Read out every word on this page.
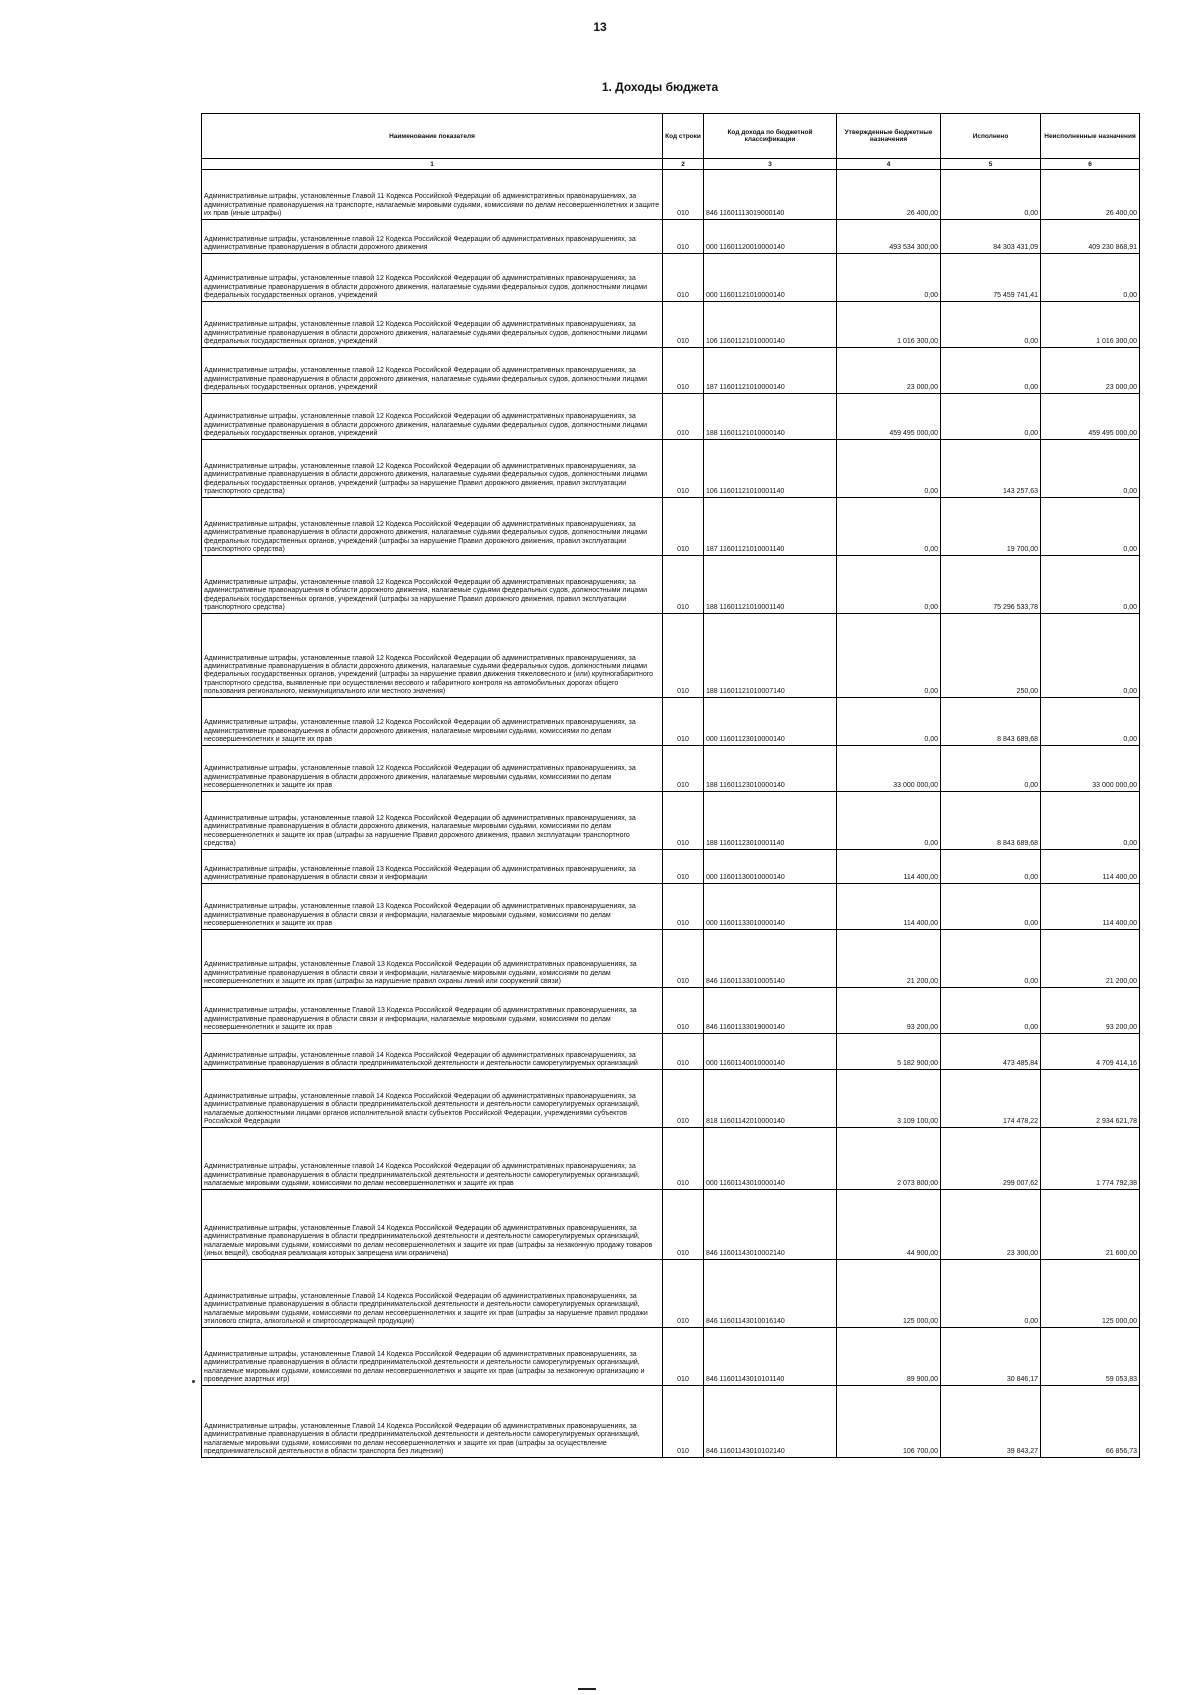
13
1. Доходы бюджета
Наименование показателя	Код строки	Код дохода по бюджетной классификации	Утвержденные бюджетные назначения	Исполнено	Неисполненные назначения
1	2	3	4	5	6
Административные штрафы, установленные Главой 11 Кодекса Российской Федерации об административных правонарушениях, за административные правонарушения на транспорте, налагаемые мировыми судьями, комиссиями по делам несовершеннолетних и защите их прав (иные штрафы)	010	846 11601113019000140	26 400,00	0,00	26 400,00
Административные штрафы, установленные главой 12 Кодекса Российской Федерации об административных правонарушениях, за административные правонарушения в области дорожного движения	010	000 11601120010000140	493 534 300,00	84 303 431,09	409 230 868,91
Административные штрафы, установленные главой 12 Кодекса Российской Федерации об административных правонарушениях, за административные правонарушения в области дорожного движения, налагаемые судьями федеральных судов, должностными лицами федеральных государственных органов, учреждений	010	000 11601121010000140	0,00	75 459 741,41	0,00
Административные штрафы, установленные главой 12 Кодекса Российской Федерации об административных правонарушениях, за административные правонарушения в области дорожного движения, налагаемые судьями федеральных судов, должностными лицами федеральных государственных органов, учреждений	010	106 11601121010000140	1 016 300,00	0,00	1 016 300,00
Административные штрафы, установленные главой 12 Кодекса Российской Федерации об административных правонарушениях, за административные правонарушения в области дорожного движения, налагаемые судьями федеральных судов, должностными лицами федеральных государственных органов, учреждений	010	187 11601121010000140	23 000,00	0,00	23 000,00
Административные штрафы, установленные главой 12 Кодекса Российской Федерации об административных правонарушениях, за административные правонарушения в области дорожного движения, налагаемые судьями федеральных судов, должностными лицами федеральных государственных органов, учреждений	010	188 11601121010000140	459 495 000,00	0,00	459 495 000,00
Административные штрафы, установленные главой 12 Кодекса Российской Федерации об административных правонарушениях, за административные правонарушения в области дорожного движения, налагаемые судьями федеральных судов, должностными лицами федеральных государственных органов, учреждений (штрафы за нарушение Правил дорожного движения, правил эксплуатации транспортного средства)	010	106 11601121010001140	0,00	143 257,63	0,00
Административные штрафы, установленные главой 12 Кодекса Российской Федерации об административных правонарушениях, за административные правонарушения в области дорожного движения, налагаемые судьями федеральных судов, должностными лицами федеральных государственных органов, учреждений (штрафы за нарушение Правил дорожного движения, правил эксплуатации транспортного средства)	010	187 11601121010001140	0,00	19 700,00	0,00
Административные штрафы, установленные главой 12 Кодекса Российской Федерации об административных правонарушениях, за административные правонарушения в области дорожного движения, налагаемые судьями федеральных судов, должностными лицами федеральных государственных органов, учреждений (штрафы за нарушение Правил дорожного движения, правил эксплуатации транспортного средства)	010	188 11601121010001140	0,00	75 296 533,78	0,00
Административные штрафы, установленные главой 12 Кодекса Российской Федерации об административных правонарушениях, за административные правонарушения в области дорожного движения, налагаемые судьями федеральных судов, должностными лицами федеральных государственных органов, учреждений (штрафы за нарушение правил движения тяжеловесного и (или) крупногабаритного транспортного средства, выявленные при осуществлении весового и габаритного контроля на автомобильных дорогах общего пользования регионального, межмуниципального или местного значения)	010	188 11601121010007140	0,00	250,00	0,00
Административные штрафы, установленные главой 12 Кодекса Российской Федерации об административных правонарушениях, за административные правонарушения в области дорожного движения, налагаемые мировыми судьями, комиссиями по делам несовершеннолетних и защите их прав	010	000 11601123010000140	0,00	8 843 689,68	0,00
Административные штрафы, установленные главой 12 Кодекса Российской Федерации об административных правонарушениях, за административные правонарушения в области дорожного движения, налагаемые мировыми судьями, комиссиями по делам несовершеннолетних и защите их прав	010	188 11601123010000140	33 000 000,00	0,00	33 000 000,00
Административные штрафы, установленные главой 12 Кодекса Российской Федерации об административных правонарушениях, за административные правонарушения в области дорожного движения, налагаемые мировыми судьями, комиссиями по делам несовершеннолетних и защите их прав (штрафы за нарушение Правил дорожного движения, правил эксплуатации транспортного средства)	010	188 11601123010001140	0,00	8 843 689,68	0,00
Административные штрафы, установленные главой 13 Кодекса Российской Федерации об административных правонарушениях, за административные правонарушения в области связи и информации	010	000 11601130010000140	114 400,00	0,00	114 400,00
Административные штрафы, установленные главой 13 Кодекса Российской Федерации об административных правонарушениях, за административные правонарушения в области связи и информации, налагаемые мировыми судьями, комиссиями по делам несовершеннолетних и защите их прав	010	000 11601133010000140	114 400,00	0,00	114 400,00
Административные штрафы, установленные Главой 13 Кодекса Российской Федерации об административных правонарушениях, за административные правонарушения в области связи и информации, налагаемые мировыми судьями, комиссиями по делам несовершеннолетних и защите их прав (штрафы за нарушение правил охраны линий или сооружений связи)	010	846 11601133010005140	21 200,00	0,00	21 200,00
Административные штрафы, установленные Главой 13 Кодекса Российской Федерации об административных правонарушениях, за административные правонарушения в области связи и информации, налагаемые мировыми судьями, комиссиями по делам несовершеннолетних и защите их прав	010	846 11601133019000140	93 200,00	0,00	93 200,00
Административные штрафы, установленные главой 14 Кодекса Российской Федерации об административных правонарушениях, за административные правонарушения в области предпринимательской деятельности и деятельности саморегулируемых организаций	010	000 11601140010000140	5 182 900,00	473 485,84	4 709 414,16
Административные штрафы, установленные главой 14 Кодекса Российской Федерации об административных правонарушениях, за административные правонарушения в области предпринимательской деятельности и деятельности саморегулируемых организаций, налагаемые должностными лицами органов исполнительной власти субъектов Российской Федерации, учреждениями субъектов Российской Федерации	010	818 11601142010000140	3 109 100,00	174 478,22	2 934 621,78
Административные штрафы, установленные главой 14 Кодекса Российской Федерации об административных правонарушениях, за административные правонарушения в области предпринимательской деятельности и деятельности саморегулируемых организаций, налагаемые мировыми судьями, комиссиями по делам несовершеннолетних и защите их прав	010	000 11601143010000140	2 073 800,00	299 007,62	1 774 792,38
Административные штрафы, установленные Главой 14 Кодекса Российской Федерации об административных правонарушениях, за административные правонарушения в области предпринимательской деятельности и деятельности саморегулируемых организаций, налагаемые мировыми судьями, комиссиями по делам несовершеннолетних и защите их прав (штрафы за незаконную продажу товаров (иных вещей), свободная реализация которых запрещена или ограничена)	010	846 11601143010002140	44 900,00	23 300,00	21 600,00
Административные штрафы, установленные Главой 14 Кодекса Российской Федерации об административных правонарушениях, за административные правонарушения в области предпринимательской деятельности и деятельности саморегулируемых организаций, налагаемые мировыми судьями, комиссиями по делам несовершеннолетних и защите их прав (штрафы за нарушение правил продажи этилового спирта, алкогольной и спиртосодержащей продукции)	010	846 11601143010016140	125 000,00	0,00	125 000,00
Административные штрафы, установленные Главой 14 Кодекса Российской Федерации об административных правонарушениях, за административные правонарушения в области предпринимательской деятельности и деятельности саморегулируемых организаций, налагаемые мировыми судьями, комиссиями по делам несовершеннолетних и защите их прав (штрафы за незаконную организацию и проведение азартных игр)	010	846 11601143010101140	89 900,00	30 846,17	59 053,83
Административные штрафы, установленные Главой 14 Кодекса Российской Федерации об административных правонарушениях, за административные правонарушения в области предпринимательской деятельности и деятельности саморегулируемых организаций, налагаемые мировыми судьями, комиссиями по делам несовершеннолетних и защите их прав (штрафы за осуществление предпринимательской деятельности в области транспорта без лицензии)	010	846 11601143010102140	106 700,00	39 843,27	66 856,73
